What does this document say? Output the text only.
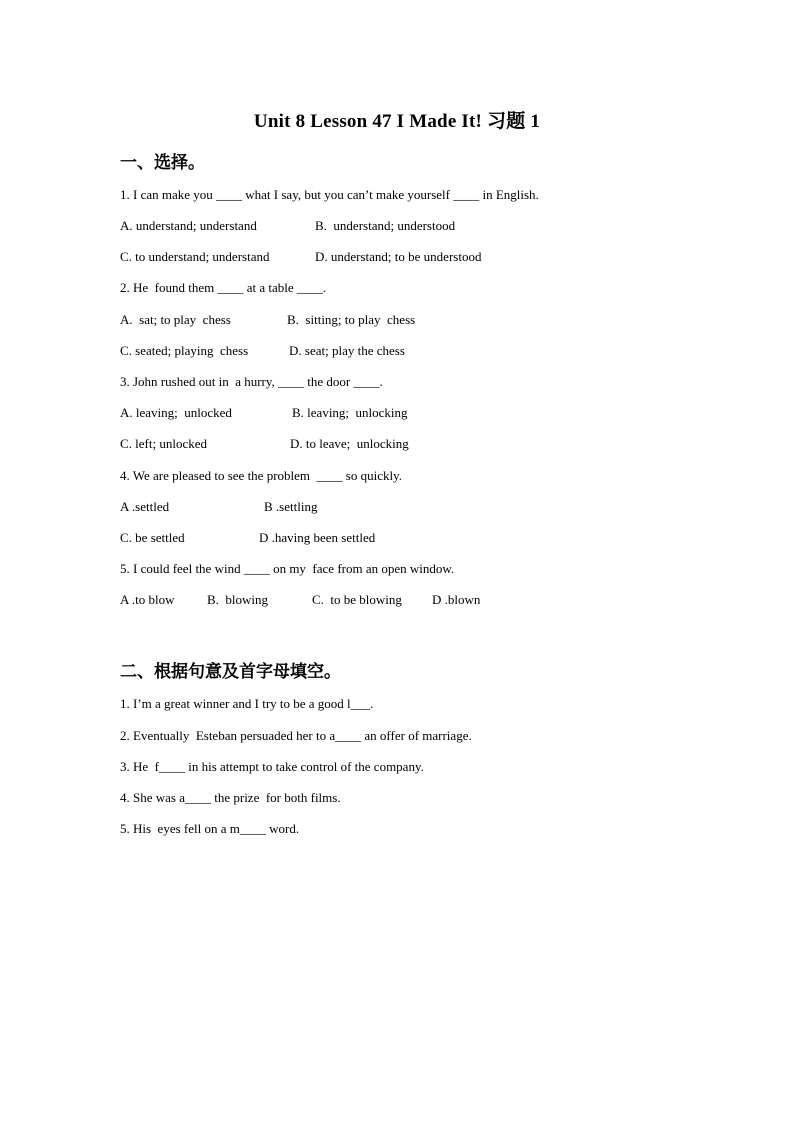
Unit 8 Lesson 47 I Made It! 习题 1
一、选择。

1. I can make you ____ what I say, but you can’t make yourself ____ in English.

A. understand; understand	B.  understand; understood
C. to understand; understand	D. understand; to be understood

2. He  found them ____ at a table ____.

A.  sat; to play  chess	B.  sitting; to play  chess
C. seated; playing  chess	D. seat; play the chess

3. John rushed out in  a hurry, ____ the door ____.

A. leaving;  unlocked	B. leaving;  unlocking
C. left; unlocked	D. to leave;  unlocking

4. We are pleased to see the problem  ____ so quickly.

A .settled	B .settling
C. be settled	D .having been settled

5. I could feel the wind ____ on my  face from an open window.

A .to blow B.  blowing	C.  to be blowing D .blown
二、根据句意及首字母填空。

1. I’m a great winner and I try to be a good l___.

2. Eventually  Esteban persuaded her to a____ an offer of marriage.

3. He  f____ in his attempt to take control of the company.

4. She was a____ the prize  for both films.

5. His  eyes fell on a m____ word.
